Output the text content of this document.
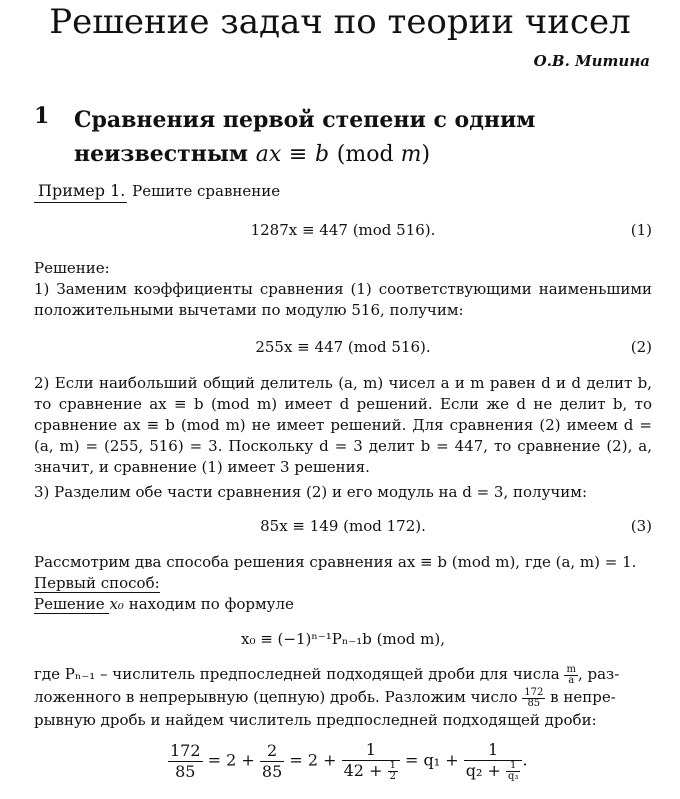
Решение задач по теории чисел
О.В. Митина
1 Сравнения первой степени с одним
неизвестным ax ≡ b (mod m)
Пример 1. Решите сравнение
1287x ≡ 447 (mod 516).	(1)
Решение:
1) Заменим коэффициенты сравнения (1) соответствующими наименьшими положительными вычетами по модулю 516, получим:
255x ≡ 447 (mod 516).	(2)
2) Если наибольший общий делитель (a, m) чисел a и m равен d и d делит b, то сравнение ax ≡ b (mod m) имеет d решений. Если же d не делит b, то сравнение ax ≡ b (mod m) не имеет решений. Для сравнения (2) имеем d = (a, m) = (255, 516) = 3. Поскольку d = 3 делит b = 447, то сравнение (2), а, значит, и сравнение (1) имеет 3 решения.
3) Разделим обе части сравнения (2) и его модуль на d = 3, получим:
85x ≡ 149 (mod 172).	(3)
Рассмотрим два способа решения сравнения ax ≡ b (mod m), где (a, m) = 1.
Первый способ:
Решение x₀ находим по формуле
x₀ ≡ (−1)ⁿ⁻¹Pₙ₋₁b (mod m),
где Pₙ₋₁ – числитель предпоследней подходящей дроби для числа $\frac{m}{a}$ , раз-
ложенного в непрерывную (цепную) дробь. Разложим число $\frac{172}{85}$ в непре-
рывную дробь и найдем числитель предпоследней подходящей дроби:
$\frac{172}{85} = 2 + \frac{2}{85} = 2 + \frac{1}{42 + \frac{1}{2}} = q_1 + \frac{1}{q_2 + \frac{1}{\text{q₃}}}$ .
